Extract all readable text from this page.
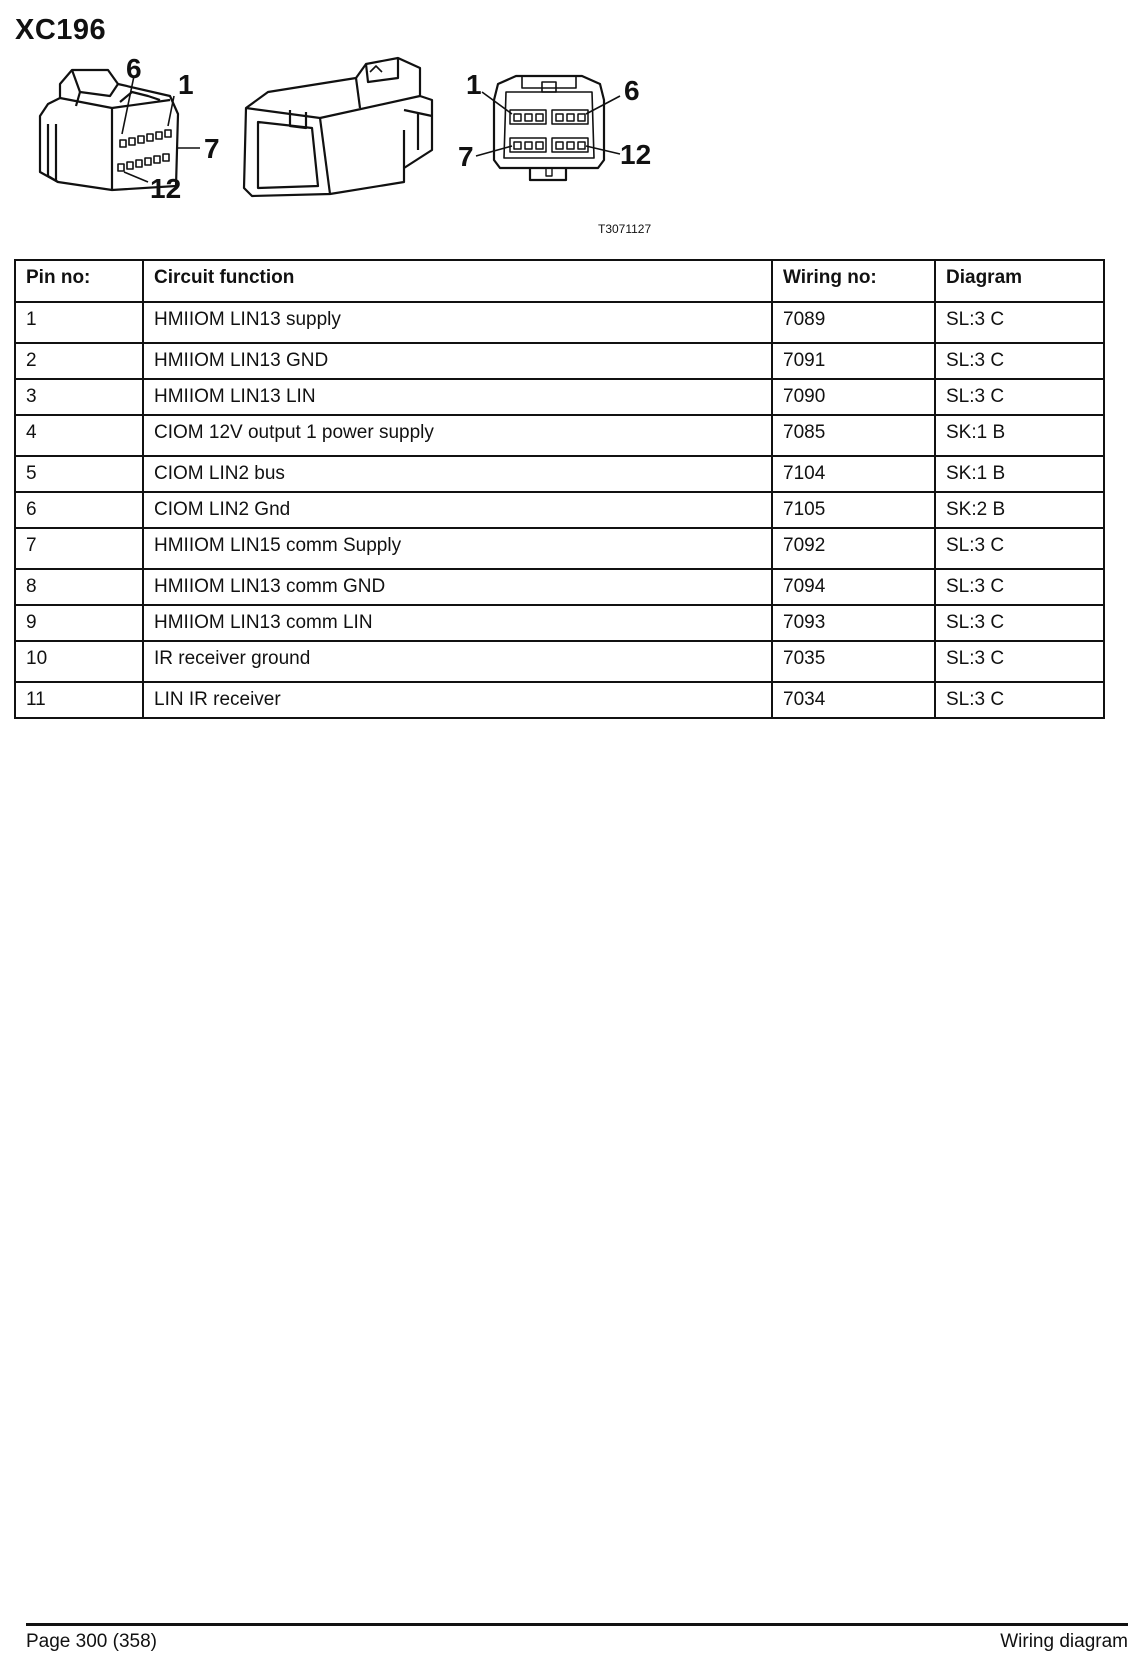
XC196
6
1
7
12
1	6
7	12
T3071127
Pin no:	Circuit function	Wiring no:	Diagram
1	HMIIOM LIN13 supply	7089	SL:3 C
2	HMIIOM LIN13 GND	7091	SL:3 C
3	HMIIOM LIN13 LIN	7090	SL:3 C
4	CIOM 12V output 1 power supply	7085	SK:1 B
5	CIOM LIN2 bus	7104	SK:1 B
6	CIOM LIN2 Gnd	7105	SK:2 B
7	HMIIOM LIN15 comm Supply	7092	SL:3 C
8	HMIIOM LIN13 comm GND	7094	SL:3 C
9	HMIIOM LIN13 comm LIN	7093	SL:3 C
10	IR receiver ground	7035	SL:3 C
11	LIN IR receiver	7034	SL:3 C
Page 300 (358)	Wiring diagram
